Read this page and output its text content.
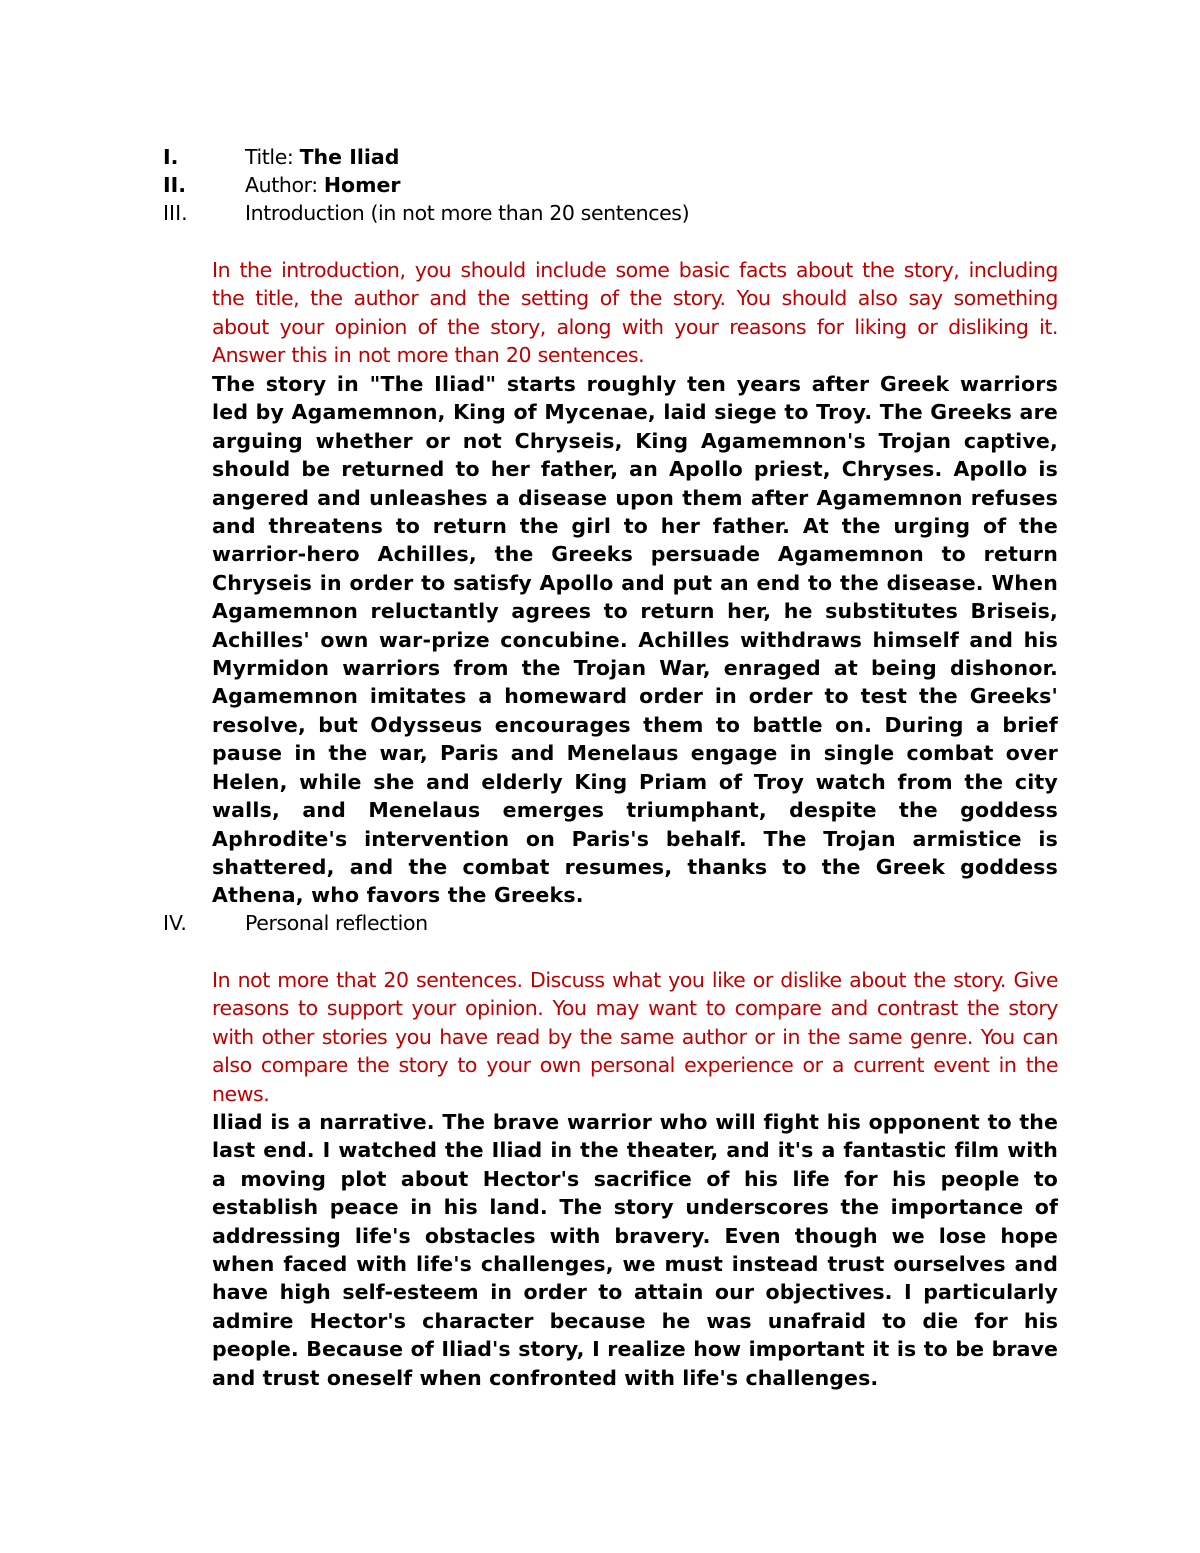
I.	Title: The Iliad
II.	Author: Homer
III.	Introduction (in not more than 20 sentences)

In the introduction, you should include some basic facts about the story, including the title, the author and the setting of the story. You should also say something about your opinion of the story, along with your reasons for liking or disliking it. Answer this in not more than 20 sentences.

The story in "The Iliad" starts roughly ten years after Greek warriors led by Agamemnon, King of Mycenae, laid siege to Troy. The Greeks are arguing whether or not Chryseis, King Agamemnon's Trojan captive, should be returned to her father, an Apollo priest, Chryses. Apollo is angered and unleashes a disease upon them after Agamemnon refuses and threatens to return the girl to her father. At the urging of the warrior-hero Achilles, the Greeks persuade Agamemnon to return Chryseis in order to satisfy Apollo and put an end to the disease. When Agamemnon reluctantly agrees to return her, he substitutes Briseis, Achilles' own war-prize concubine. Achilles withdraws himself and his Myrmidon warriors from the Trojan War, enraged at being dishonor. Agamemnon imitates a homeward order in order to test the Greeks' resolve, but Odysseus encourages them to battle on. During a brief pause in the war, Paris and Menelaus engage in single combat over Helen, while she and elderly King Priam of Troy watch from the city walls, and Menelaus emerges triumphant, despite the goddess Aphrodite's intervention on Paris's behalf. The Trojan armistice is shattered, and the combat resumes, thanks to the Greek goddess Athena, who favors the Greeks.

IV.	Personal reflection

In not more that 20 sentences. Discuss what you like or dislike about the story. Give reasons to support your opinion. You may want to compare and contrast the story with other stories you have read by the same author or in the same genre. You can also compare the story to your own personal experience or a current event in the news.

Iliad is a narrative. The brave warrior who will fight his opponent to the last end. I watched the Iliad in the theater, and it's a fantastic film with a moving plot about Hector's sacrifice of his life for his people to establish peace in his land. The story underscores the importance of addressing life's obstacles with bravery. Even though we lose hope when faced with life's challenges, we must instead trust ourselves and have high self-esteem in order to attain our objectives. I particularly admire Hector's character because he was unafraid to die for his people. Because of Iliad's story, I realize how important it is to be brave and trust oneself when confronted with life's challenges.
